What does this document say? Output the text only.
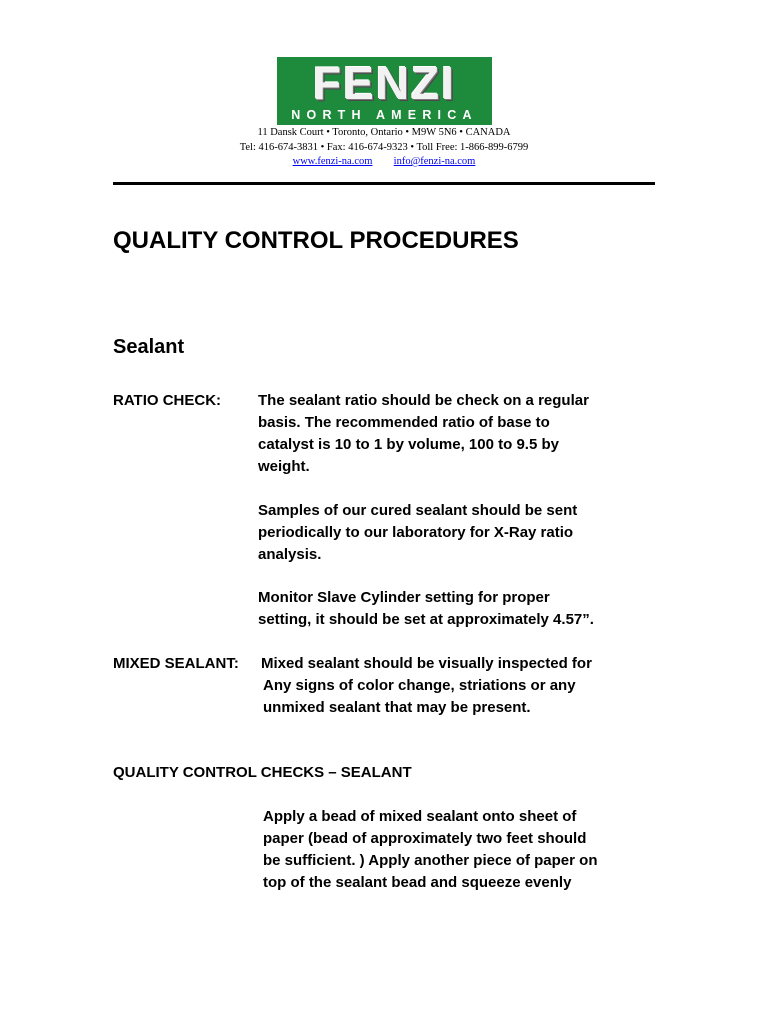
FENZI
NORTH AMERICA
11 Dansk Court • Toronto, Ontario • M9W 5N6 • CANADA
Tel: 416-674-3831 • Fax: 416-674-9323 • Toll Free: 1-866-899-6799
www.fenzi-na.com info@fenzi-na.com
QUALITY CONTROL PROCEDURES
Sealant
RATIO CHECK: The sealant ratio should be check on a regular
basis. The recommended ratio of base to
catalyst is 10 to 1 by volume, 100 to 9.5 by
weight.
Samples of our cured sealant should be sent
periodically to our laboratory for X-Ray ratio
analysis.
Monitor Slave Cylinder setting for proper
setting, it should be set at approximately 4.57”.
MIXED SEALANT: Mixed sealant should be visually inspected for
Any signs of color change, striations or any
unmixed sealant that may be present.
QUALITY CONTROL CHECKS – SEALANT
Apply a bead of mixed sealant onto sheet of
paper (bead of approximately two feet should
be sufficient. ) Apply another piece of paper on
top of the sealant bead and squeeze evenly
